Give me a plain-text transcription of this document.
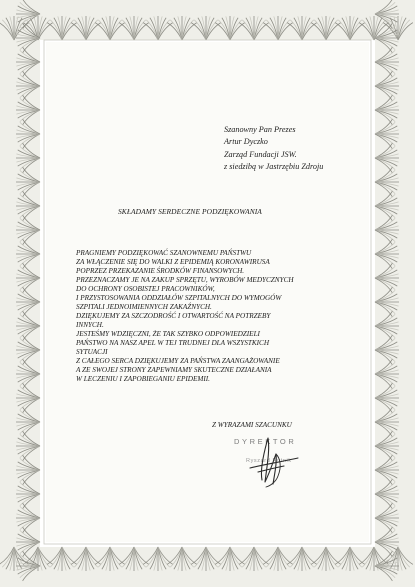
Szanowny Pan Prezes
Artur Dyczko
Zarząd Fundacji JSW.
z siedzibą w Jastrzębiu Zdroju
SKŁADAMY SERDECZNE PODZIĘKOWANIA
PRAGNIEMY PODZIĘKOWAĆ SZANOWNEMU PAŃSTWU
ZA WŁĄCZENIE SIĘ DO WALKI Z EPIDEMIĄ KORONAWIRUSA
POPRZEZ PRZEKAZANIE ŚRODKÓW FINANSOWYCH.
PRZEZNACZAMY JE NA ZAKUP SPRZĘTU, WYROBÓW MEDYCZNYCH
DO OCHRONY OSOBISTEJ PRACOWNIKÓW,
I PRZYSTOSOWANIA ODDZIAŁÓW SZPITALNYCH DO WYMOGÓW
SZPITALI JEDNOIMIENNYCH ZAKAŹNYCH.
DZIĘKUJEMY ZA SZCZODROŚĆ I OTWARTOŚĆ NA POTRZEBY
INNYCH.
JESTEŚMY WDZIĘCZNI, ŻE TAK SZYBKO ODPOWIEDZIELI
PAŃSTWO NA NASZ APEL W TEJ TRUDNEJ DLA WSZYSTKICH
SYTUACJI
Z CAŁEGO SERCA DZIĘKUJEMY ZA PAŃSTWA ZAANGAŻOWANIE
A ZE SWOJEJ STRONY ZAPEWNIAMY SKUTECZNE DZIAŁANIA
W LECZENIU I ZAPOBIEGANIU EPIDEMII.
Z WYRAZAMI SZACUNKU
DYREKTOR
Ryszard Rutnik
